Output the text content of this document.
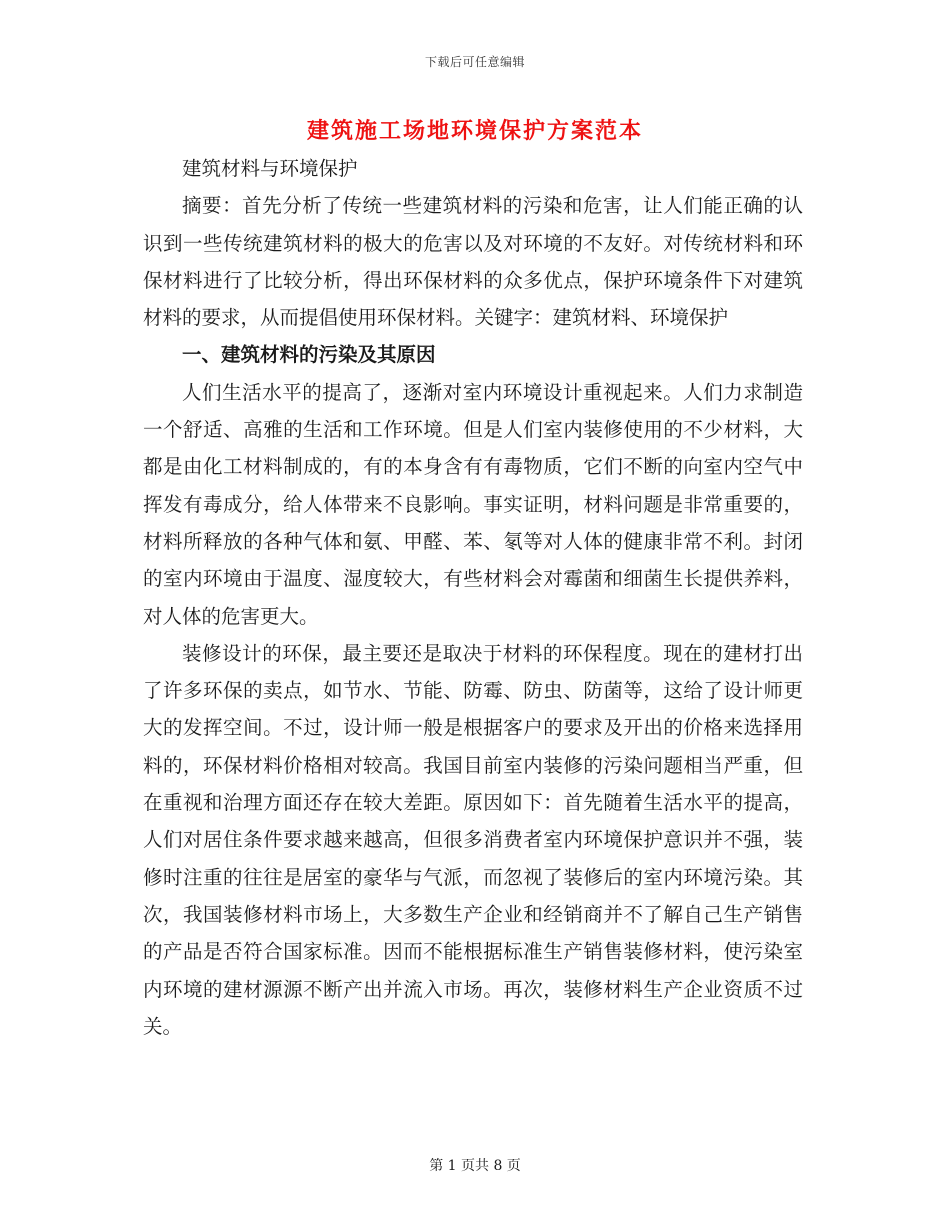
下载后可任意编辑
建筑施工场地环境保护方案范本

建筑材料与环境保护

摘要：首先分析了传统一些建筑材料的污染和危害，让人们能正确的认识到一些传统建筑材料的极大的危害以及对环境的不友好。对传统材料和环保材料进行了比较分析，得出环保材料的众多优点，保护环境条件下对建筑材料的要求，从而提倡使用环保材料。关键字：建筑材料、环境保护

一、建筑材料的污染及其原因

人们生活水平的提高了，逐渐对室内环境设计重视起来。人们力求制造一个舒适、高雅的生活和工作环境。但是人们室内装修使用的不少材料，大都是由化工材料制成的，有的本身含有有毒物质，它们不断的向室内空气中挥发有毒成分，给人体带来不良影响。事实证明，材料问题是非常重要的，材料所释放的各种气体和氨、甲醛、苯、氡等对人体的健康非常不利。封闭的室内环境由于温度、湿度较大，有些材料会对霉菌和细菌生长提供养料，对人体的危害更大。

装修设计的环保，最主要还是取决于材料的环保程度。现在的建材打出了许多环保的卖点，如节水、节能、防霉、防虫、防菌等，这给了设计师更大的发挥空间。不过，设计师一般是根据客户的要求及开出的价格来选择用料的，环保材料价格相对较高。我国目前室内装修的污染问题相当严重，但在重视和治理方面还存在较大差距。原因如下：首先随着生活水平的提高，人们对居住条件要求越来越高，但很多消费者室内环境保护意识并不强，装修时注重的往往是居室的豪华与气派，而忽视了装修后的室内环境污染。其次，我国装修材料市场上，大多数生产企业和经销商并不了解自己生产销售的产品是否符合国家标准。因而不能根据标准生产销售装修材料，使污染室内环境的建材源源不断产出并流入市场。再次，装修材料生产企业资质不过关。

第 1 页共 8 页
